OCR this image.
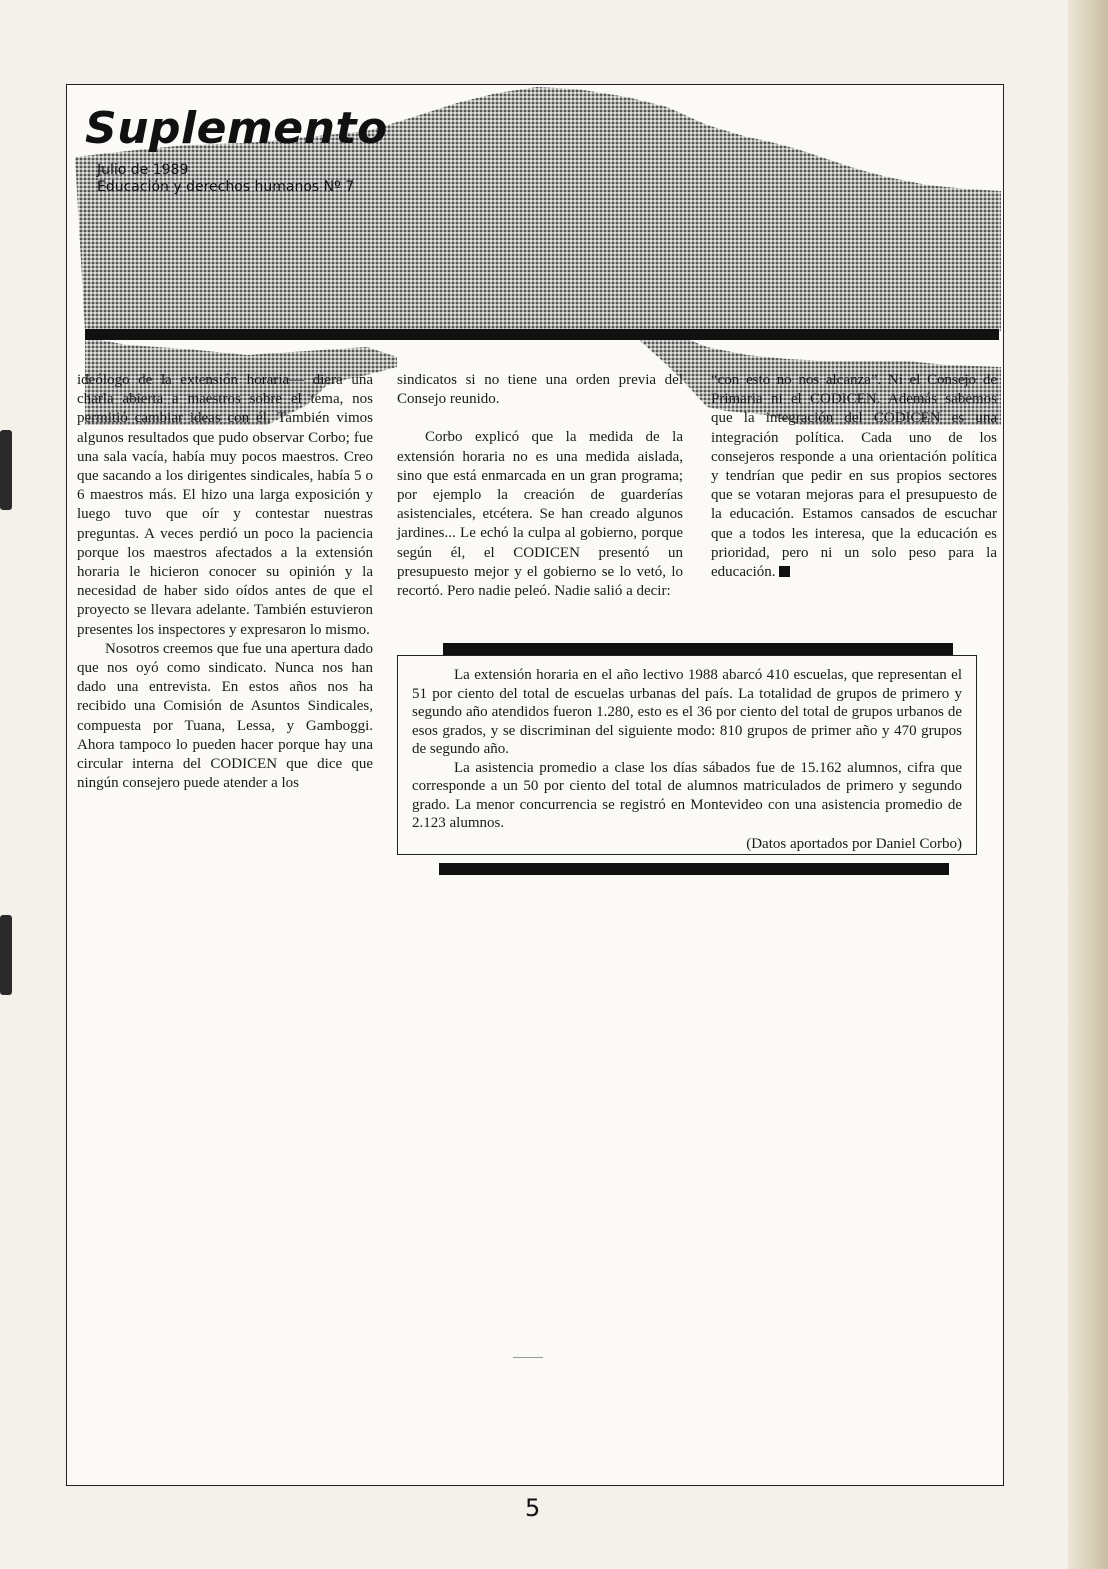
Suplemento
Julio de 1989
Educación y derechos humanos Nº 7

ideólogo de la extensión horaria— diera una charla abierta a maestros sobre el tema, nos permitió cambiar ideas con él. También vimos algunos resultados que pudo observar Corbo; fue una sala vacía, había muy pocos maestros. Creo que sacando a los dirigentes sindicales, había 5 o 6 maestros más. El hizo una larga exposición y luego tuvo que oír y contestar nuestras preguntas. A veces perdió un poco la paciencia porque los maestros afectados a la extensión horaria le hicieron conocer su opinión y la necesidad de haber sido oídos antes de que el proyecto se llevara adelante. También estuvieron presentes los inspectores y expresaron lo mismo.

Nosotros creemos que fue una apertura dado que nos oyó como sindicato. Nunca nos han dado una entrevista. En estos años nos ha recibido una Comisión de Asuntos Sindicales, compuesta por Tuana, Lessa, y Gamboggi. Ahora tampoco lo pueden hacer porque hay una circular interna del CODICEN que dice que ningún consejero puede atender a los

sindicatos si no tiene una orden previa del Consejo reunido.

Corbo explicó que la medida de la extensión horaria no es una medida aislada, sino que está enmarcada en un gran programa; por ejemplo la creación de guarderías asistenciales, etcétera. Se han creado algunos jardines... Le echó la culpa al gobierno, porque según él, el CODICEN presentó un presupuesto mejor y el gobierno se lo vetó, lo recortó. Pero nadie peleó. Nadie salió a decir:

“con esto no nos alcanza”. Ni el Consejo de Primaria ni el CODICEN. Además sabemos que la integración del CODICEN es una integración política. Cada uno de los consejeros responde a una orientación política y tendrían que pedir en sus propios sectores que se votaran mejoras para el presupuesto de la educación. Estamos cansados de escuchar que a todos les interesa, que la educación es prioridad, pero ni un solo peso para la educación.

La extensión horaria en el año lectivo 1988 abarcó 410 escuelas, que representan el 51 por ciento del total de escuelas urbanas del país. La totalidad de grupos de primero y segundo año atendidos fueron 1.280, esto es el 36 por ciento del total de grupos urbanos de esos grados, y se discriminan del siguiente modo: 810 grupos de primer año y 470 grupos de segundo año.

La asistencia promedio a clase los días sábados fue de 15.162 alumnos, cifra que corresponde a un 50 por ciento del total de alumnos matriculados de primero y segundo grado. La menor concurrencia se registró en Montevideo con una asistencia promedio de 2.123 alumnos.

(Datos aportados por Daniel Corbo)

5
